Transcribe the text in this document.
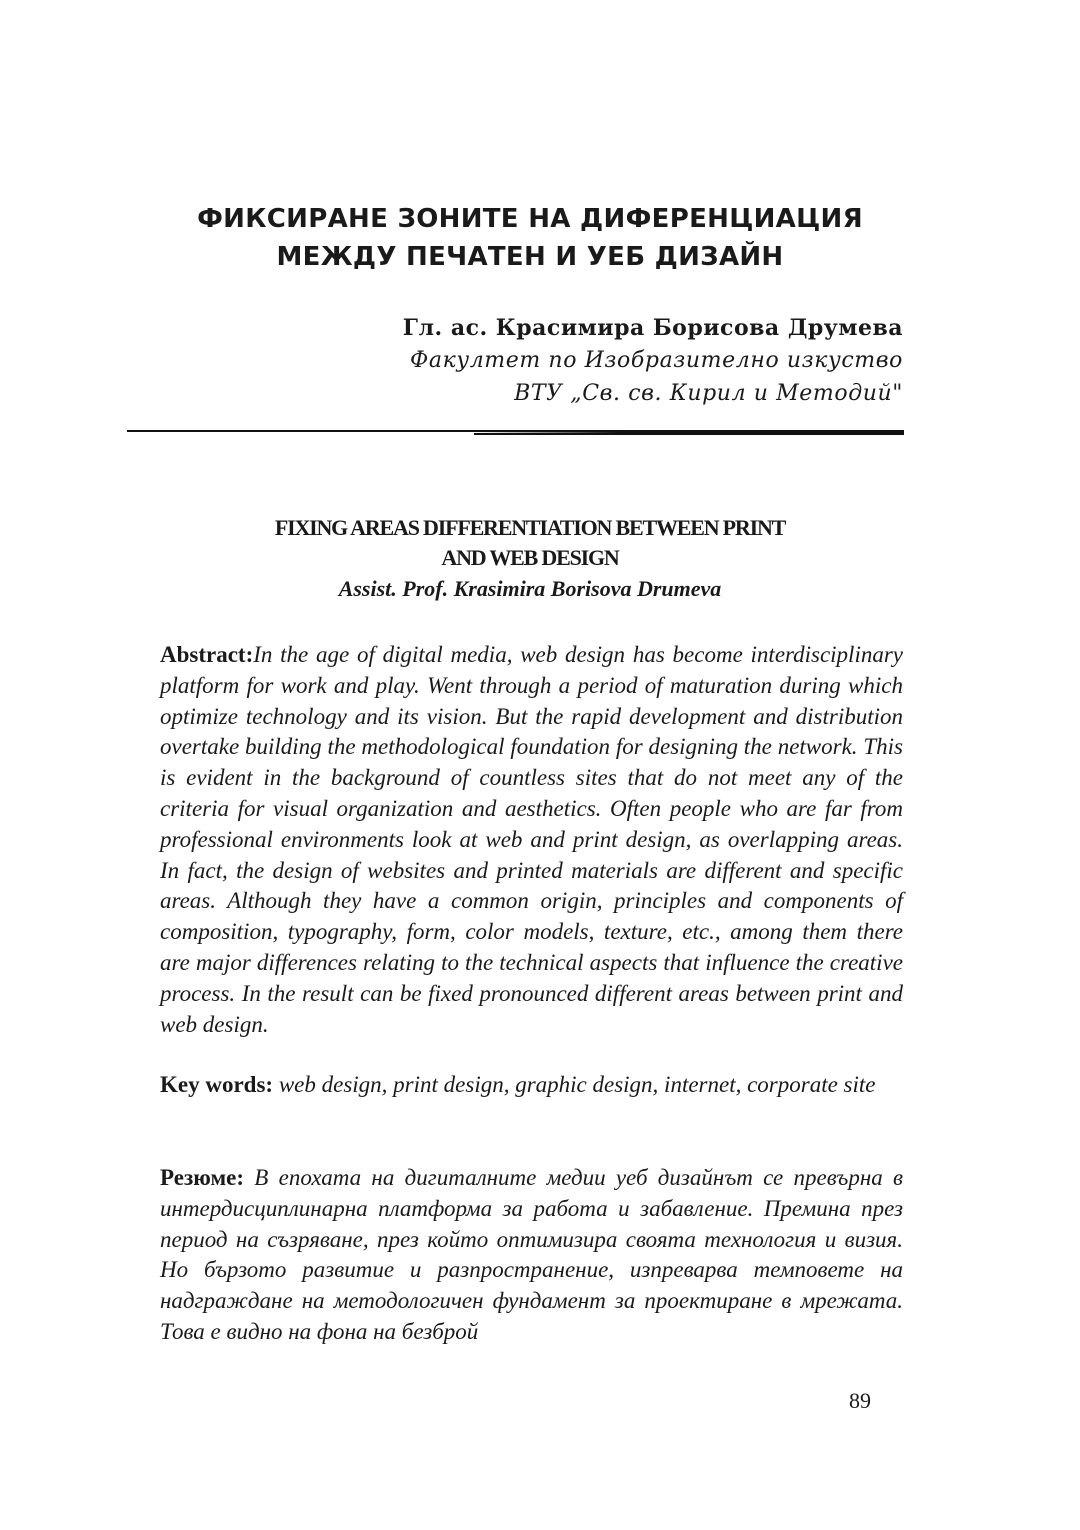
ФИКСИРАНЕ ЗОНИТЕ НА ДИФЕРЕНЦИАЦИЯ
МЕЖДУ ПЕЧАТЕН И УЕБ ДИЗАЙН
Гл. ас. Красимира Борисова Друмева
Факултет по Изобразително изкуство
ВТУ „Св. св. Кирил и Методий"
FIXING AREAS DIFFERENTIATION BETWEEN PRINT
AND WEB DESIGN
Assist. Prof. Krasimira Borisova Drumeva
Abstract:In the age of digital media, web design has become interdisciplinary platform for work and play. Went through a period of maturation during which optimize technology and its vision. But the rapid development and distribution overtake building the methodological foundation for designing the network. This is evident in the background of countless sites that do not meet any of the criteria for visual organization and aesthetics. Often people who are far from professional environments look at web and print design, as overlapping areas. In fact, the design of websites and printed materials are different and specific areas. Although they have a common origin, principles and components of composition, typography, form, color models, texture, etc., among them there are major differences relating to the technical aspects that influence the creative process. In the result can be fixed pronounced different areas between print and web design.
Key words: web design, print design, graphic design, internet, corporate site
Резюме: В епохата на дигиталните медии уеб дизайнът се превърна в интердисциплинарна платформа за работа и забавление. Премина през период на съзряване, през който оптимизира своята технология и визия. Но бързото развитие и разпространение, изпреварва темповете на надграждане на методологичен фундамент за проектиране в мрежата. Това е видно на фона на безброй
89
